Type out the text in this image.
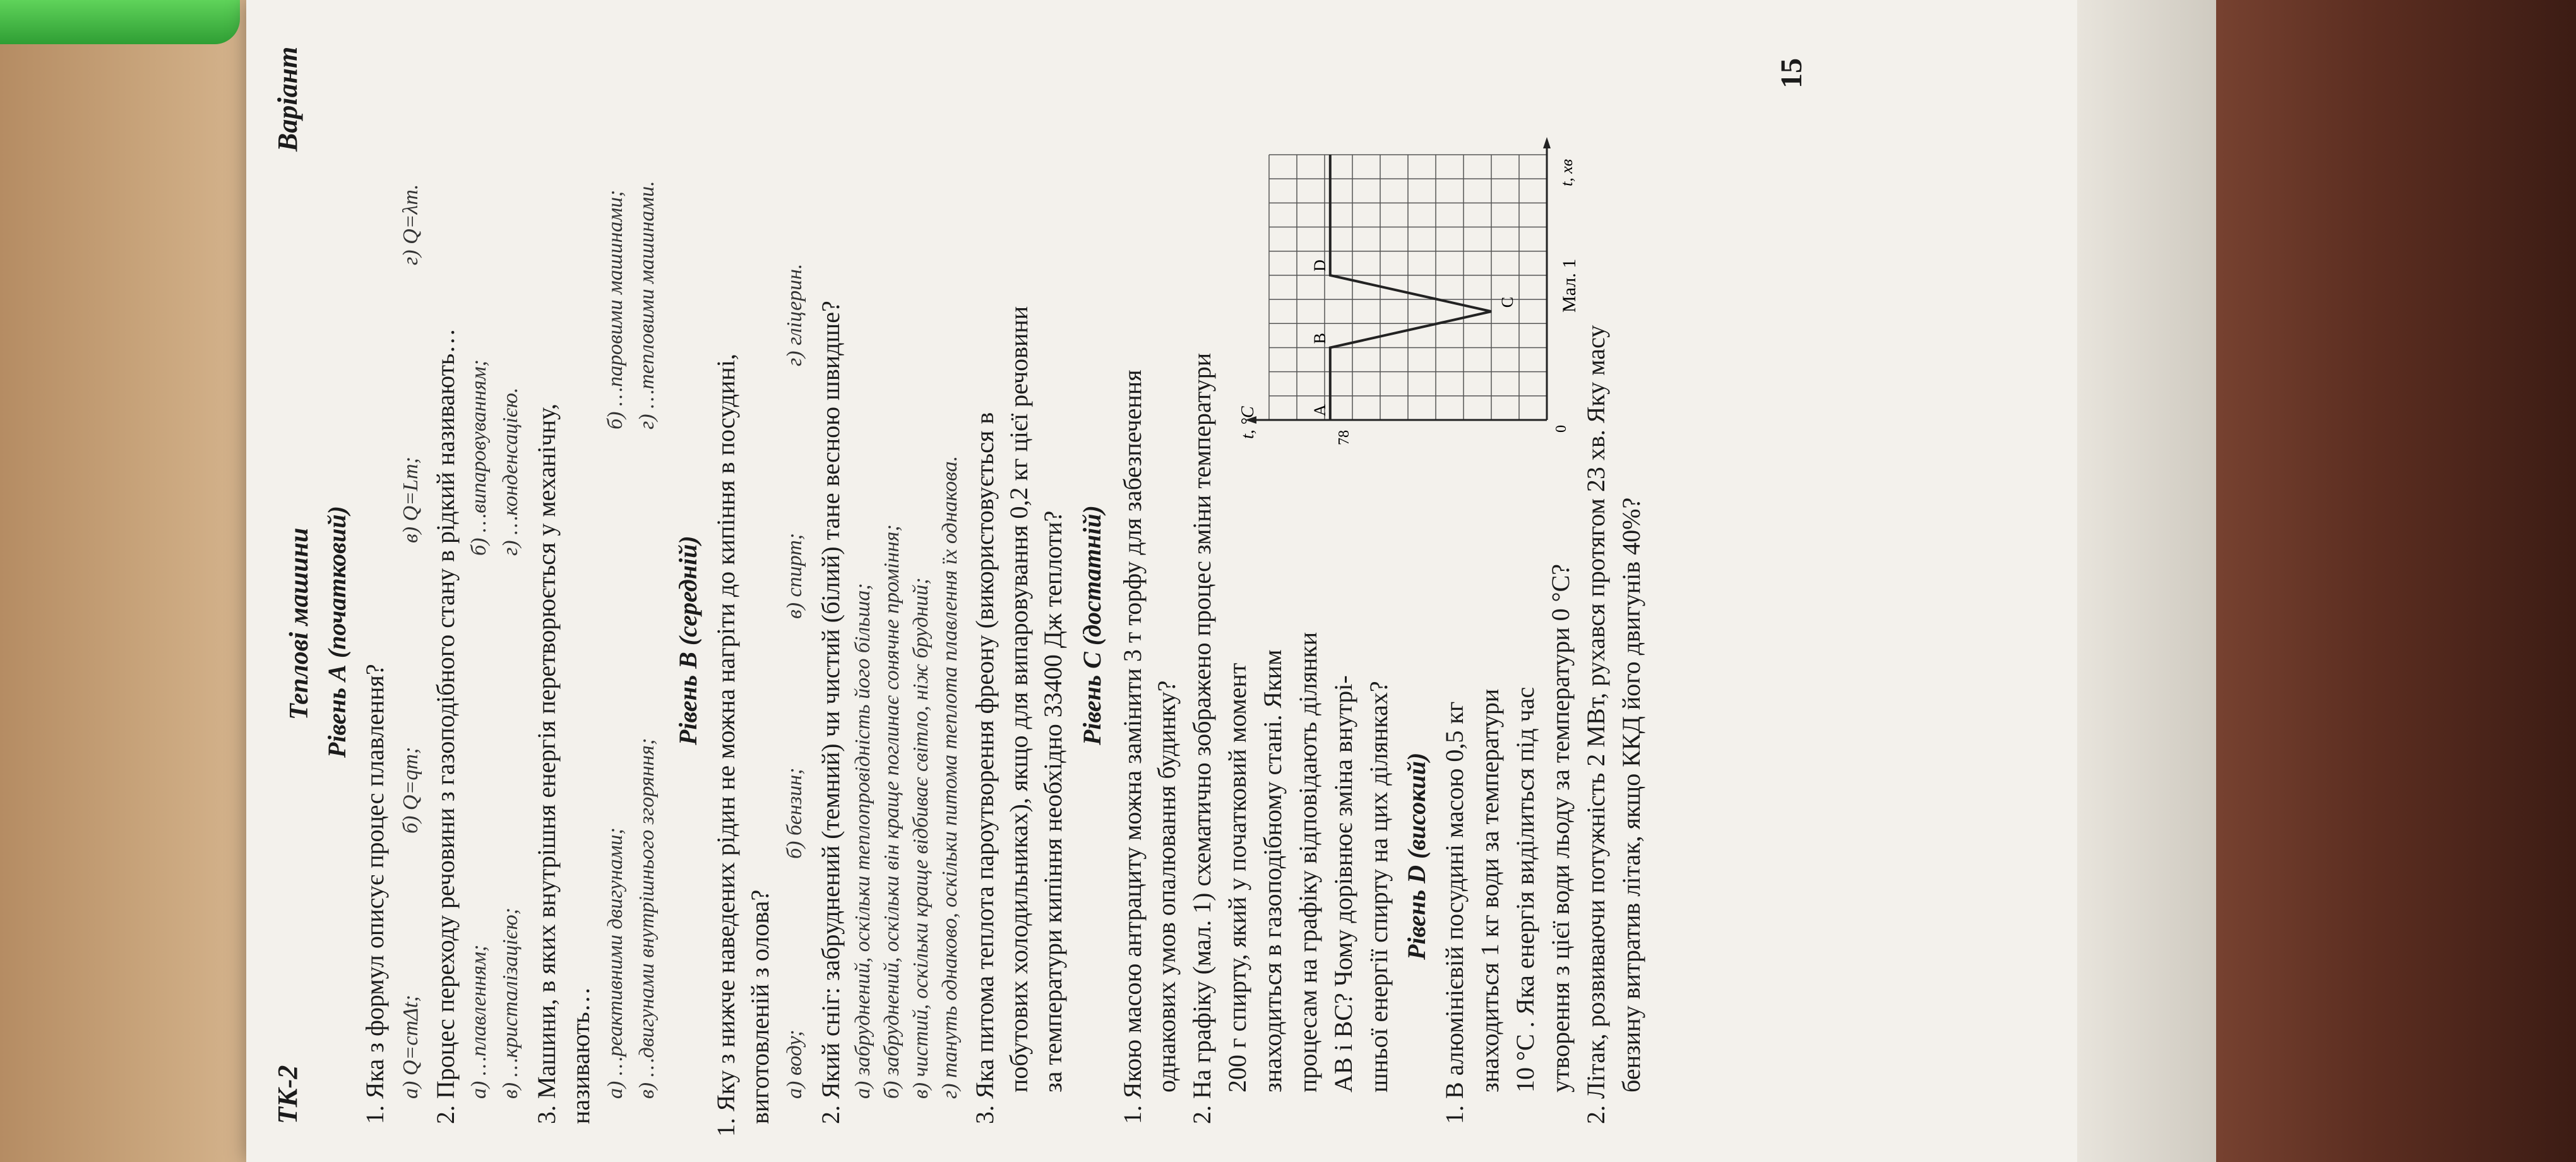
ТК-2
Варіант
Теплові машини Рівень А (початковий)
1. Яка з формул описує процес плавлення? а) Q=cmΔt;
б) Q=qm;
в) Q=Lm;
г) Q=λm.
2. Процес переходу речовини з газоподібного стану в рідкий називають… а) …плавленням;
б) …випаровуванням;
в) …кристалізацією;
г) …конденсацією. 3. Машини, в яких внутрішня енергія перетворюється у механічну, називають… а) …реактивними двигунами;
б) …паровими машинами;
в) …двигунами внутрішнього згоряння;
г) …тепловими машинами.
Рівень В (середній) 1. Яку з нижче наведених рідин не можна нагріти до кипіння в посудині, виготовленій з олова? а) воду;
б) бензин;
в) спирт;
г) гліцерин. 2. Який сніг: забруднений (темний) чи чистий (білий) тане весною швидше? а) забруднений, оскільки теплопровідність його більша; б) забруднений, оскільки він краще поглинає сонячне проміння; в) чистий, оскільки краще відбиває світло, ніж брудний; г) тануть однаково, оскільки питома теплота плавлення їх однакова. 3. Яка питома теплота пароутворення фреону (використовується в побутових холодильниках), якщо для випаровування 0,2 кг цієї речовини за температури кипіння необхідно 33400 Дж теплоти? Рівень С (достатній) 1. Якою масою антрациту можна замінити 3 т торфу для забезпечення однакових умов опалювання будинку? 2. На графіку (мал. 1) схематично зображено процес зміни температури 200 г спирту, який у початковий момент знаходиться в газоподібному стані. Яким процесам на графіку відповідають ділянки АВ і ВС? Чому дорівнює зміна внутрі- шньої енергії спирту на цих ділянках? Рівень D (високий) 1. В алюмінієвій посудині масою 0,5 кг знаходиться 1 кг води за температури 10 °С . Яка енергія виділиться під час утворення з цієї води льоду за температури 0 °С? 2. Літак, розвиваючи потужність 2 МВт, рухався протягом 23 хв. Яку масу бензину витратив літак, якщо ККД його двигунів 40%?
15
A
B
C
D
t, °C
t, хв
78
0
Мал. 1
